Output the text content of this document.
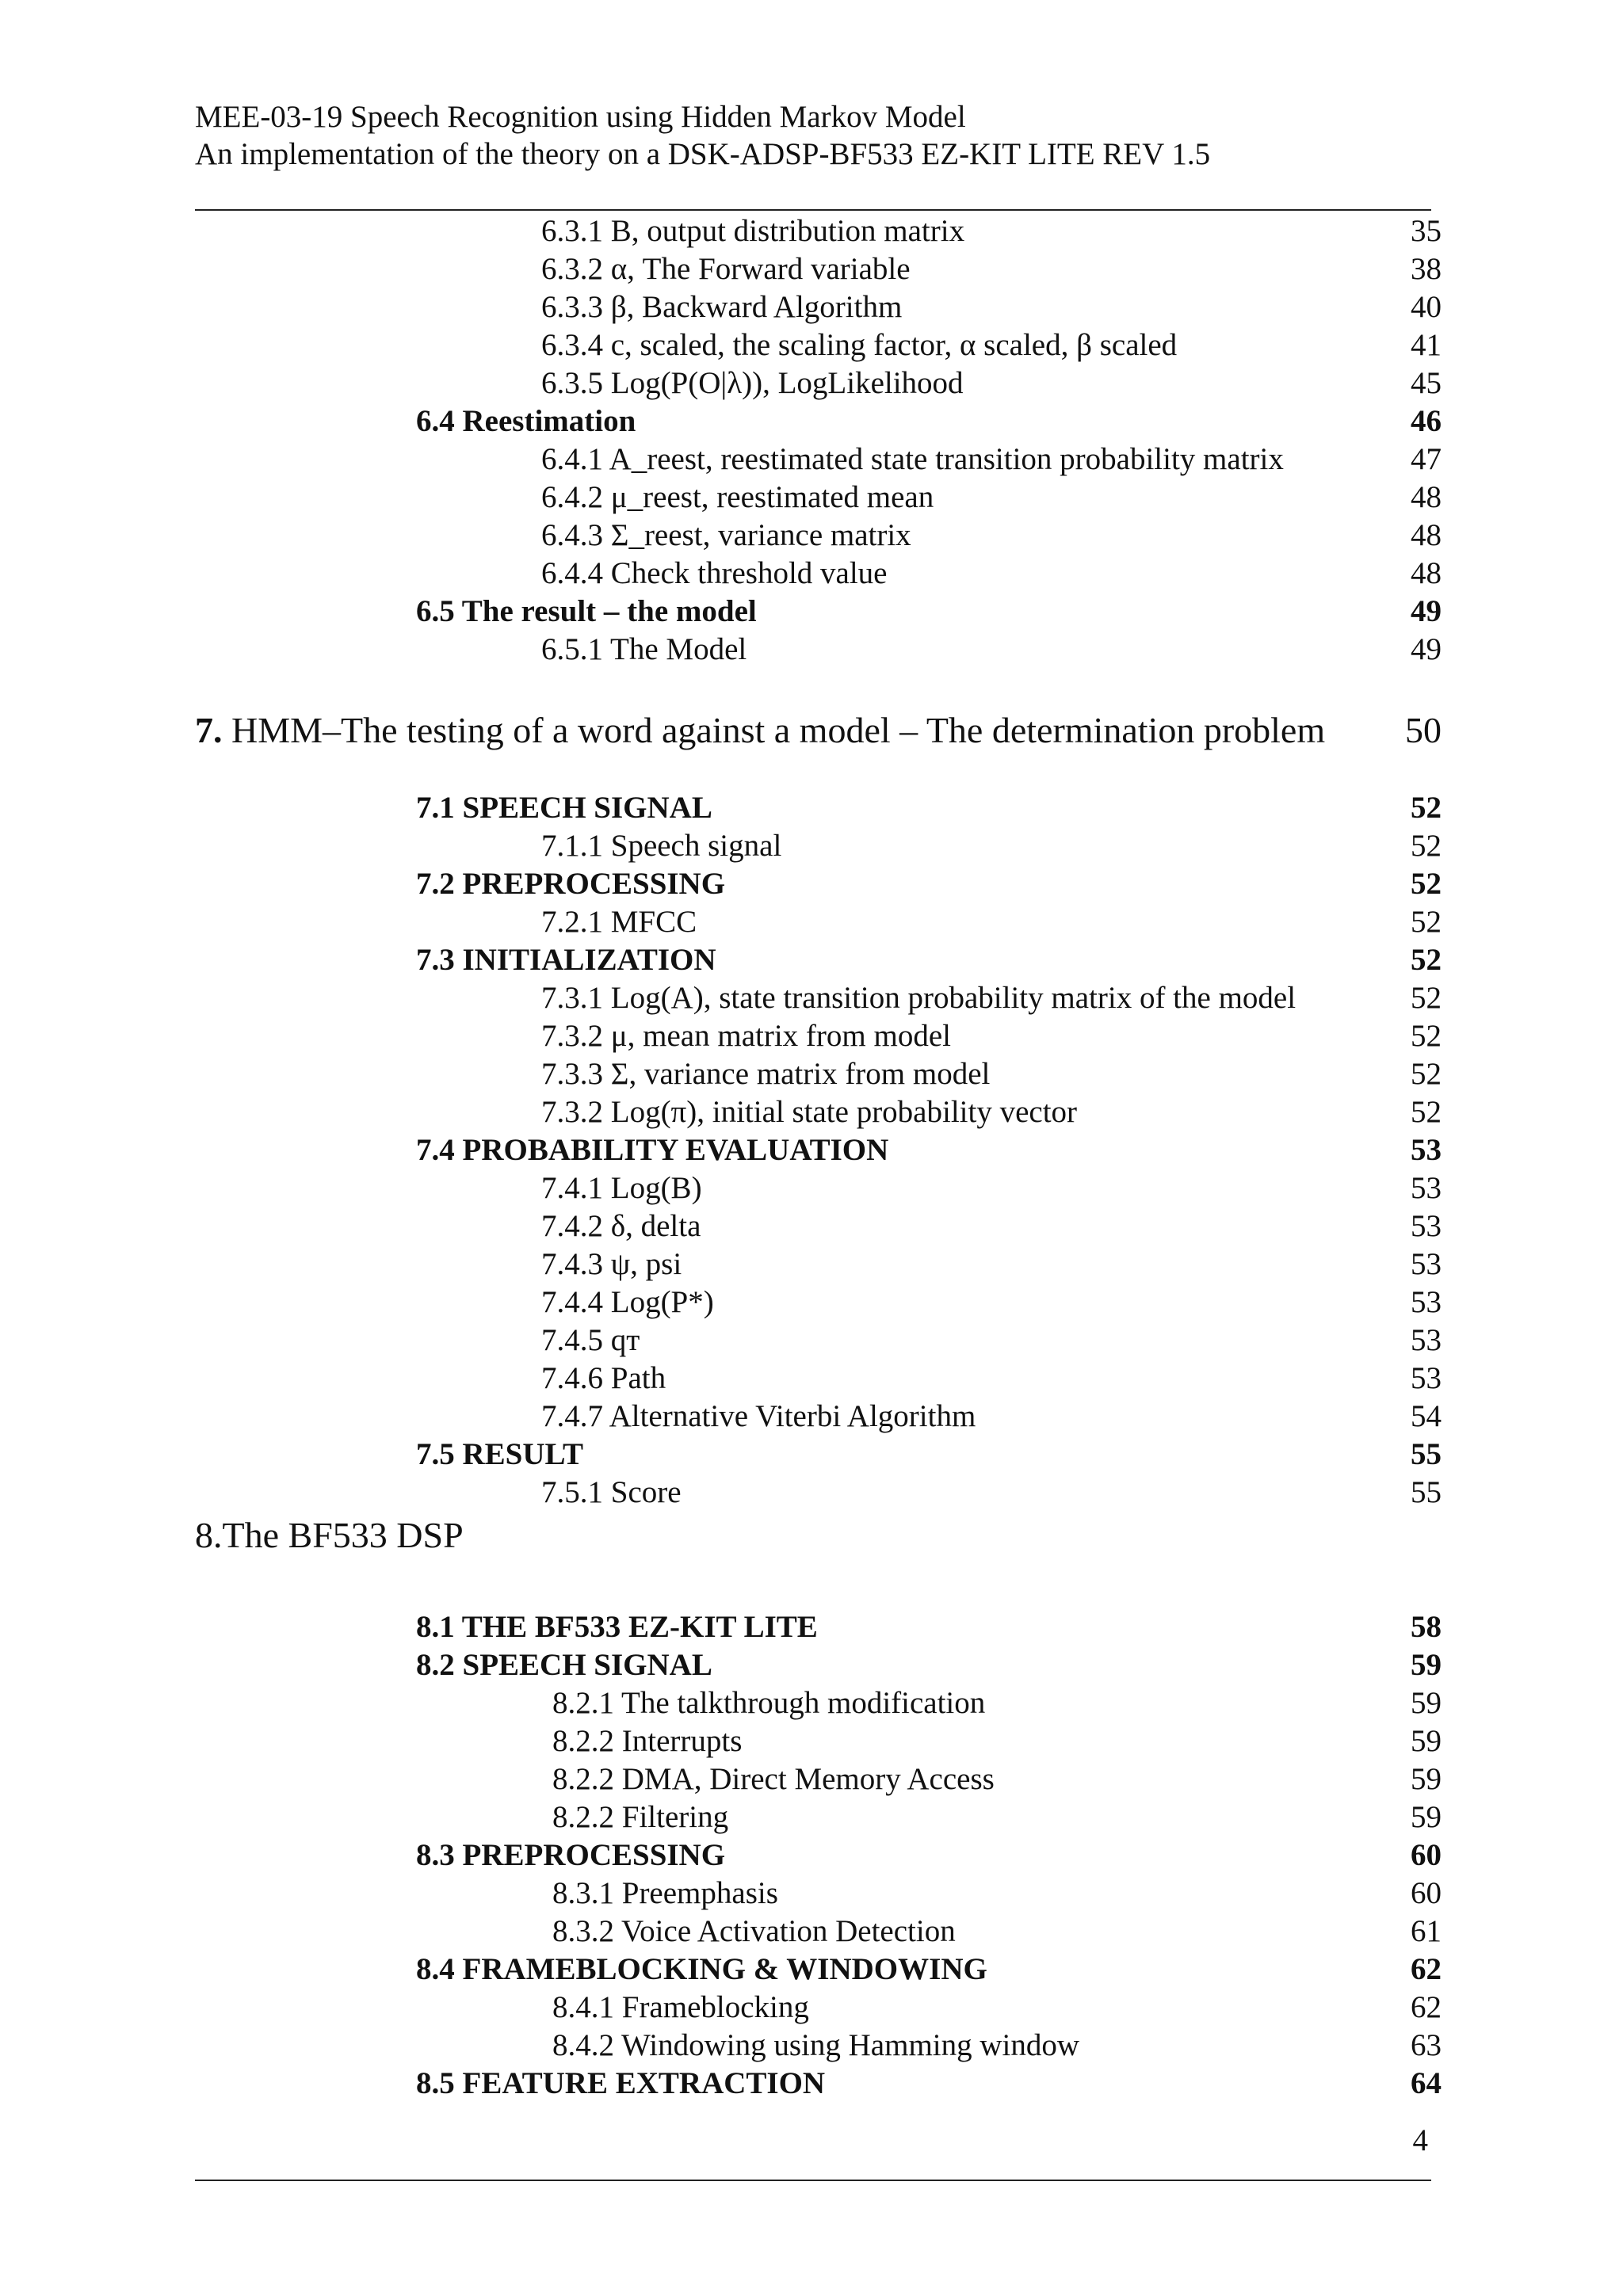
MEE-03-19 Speech Recognition using Hidden Markov Model
An implementation of the theory on a DSK-ADSP-BF533 EZ-KIT LITE REV 1.5
6.3.1 B, output distribution matrix	35
6.3.2 α, The Forward variable	38
6.3.3 β, Backward Algorithm	40
6.3.4 c, scaled, the scaling factor, α scaled, β scaled	41
6.3.5 Log(P(O|λ)), LogLikelihood	45
6.4 Reestimation	46
6.4.1 A_reest, reestimated state transition probability matrix	47
6.4.2 μ_reest, reestimated mean	48
6.4.3 Σ_reest, variance matrix	48
6.4.4 Check threshold value	48
6.5 The result – the model	49
6.5.1 The Model	49
7. HMM–The testing of a word against a model – The determination problem 50
7.1 SPEECH SIGNAL	52
7.1.1 Speech signal	52
7.2 PREPROCESSING	52
7.2.1 MFCC	52
7.3 INITIALIZATION	52
7.3.1 Log(A), state transition probability matrix of the model	52
7.3.2 μ, mean matrix from model	52
7.3.3 Σ, variance matrix from model	52
7.3.2 Log(π), initial state probability vector	52
7.4 PROBABILITY EVALUATION	53
7.4.1 Log(B)	53
7.4.2 δ, delta	53
7.4.3 ψ, psi	53
7.4.4 Log(P*)	53
7.4.5 qт	53
7.4.6 Path	53
7.4.7 Alternative Viterbi Algorithm	54
7.5 RESULT	55
7.5.1 Score	55
8.The BF533 DSP
8.1 THE BF533 EZ-KIT LITE	58
8.2 SPEECH SIGNAL	59
8.2.1 The talkthrough modification	59
8.2.2 Interrupts	59
8.2.2 DMA, Direct Memory Access	59
8.2.2 Filtering	59
8.3 PREPROCESSING	60
8.3.1 Preemphasis	60
8.3.2 Voice Activation Detection	61
8.4 FRAMEBLOCKING & WINDOWING	62
8.4.1 Frameblocking	62
8.4.2 Windowing using Hamming window	63
8.5 FEATURE EXTRACTION	64
4
